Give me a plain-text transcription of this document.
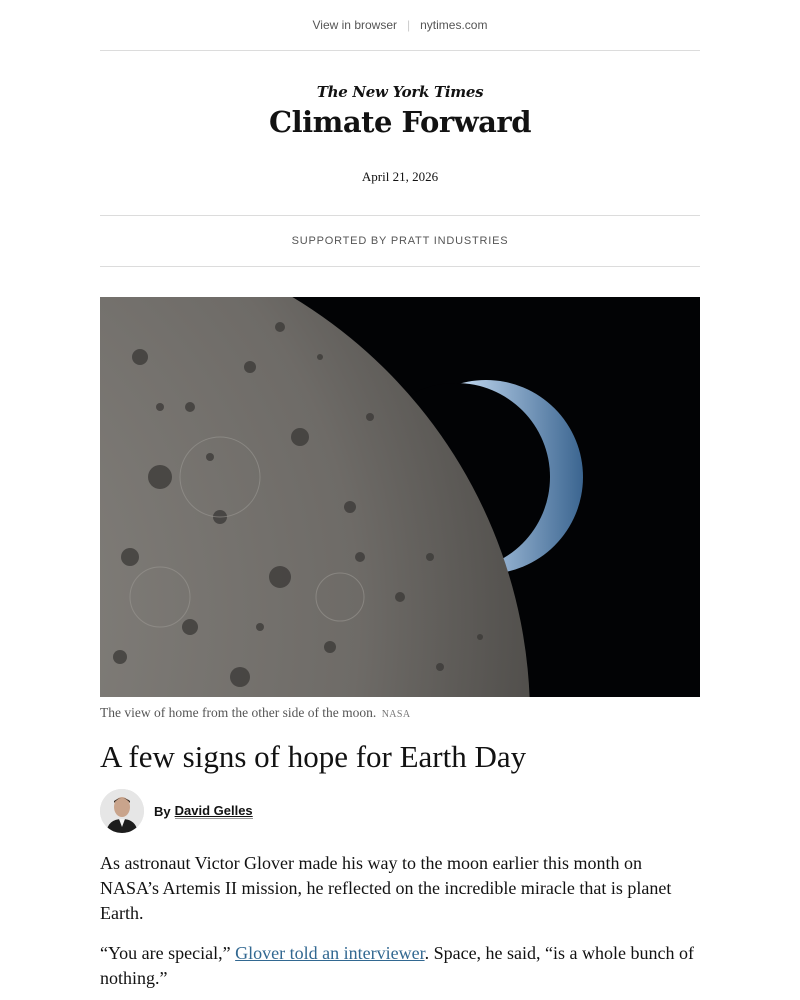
View in browser | nytimes.com
The New York Times
Climate Forward
April 21, 2026
SUPPORTED BY PRATT INDUSTRIES
The view of home from the other side of the moon. NASA
A few signs of hope for Earth Day
By David Gelles

As astronaut Victor Glover made his way to the moon earlier this month on NASA’s Artemis II mission, he reflected on the incredible miracle that is planet Earth.

“You are special,” Glover told an interviewer. Space, he said, “is a whole bunch of nothing.”
